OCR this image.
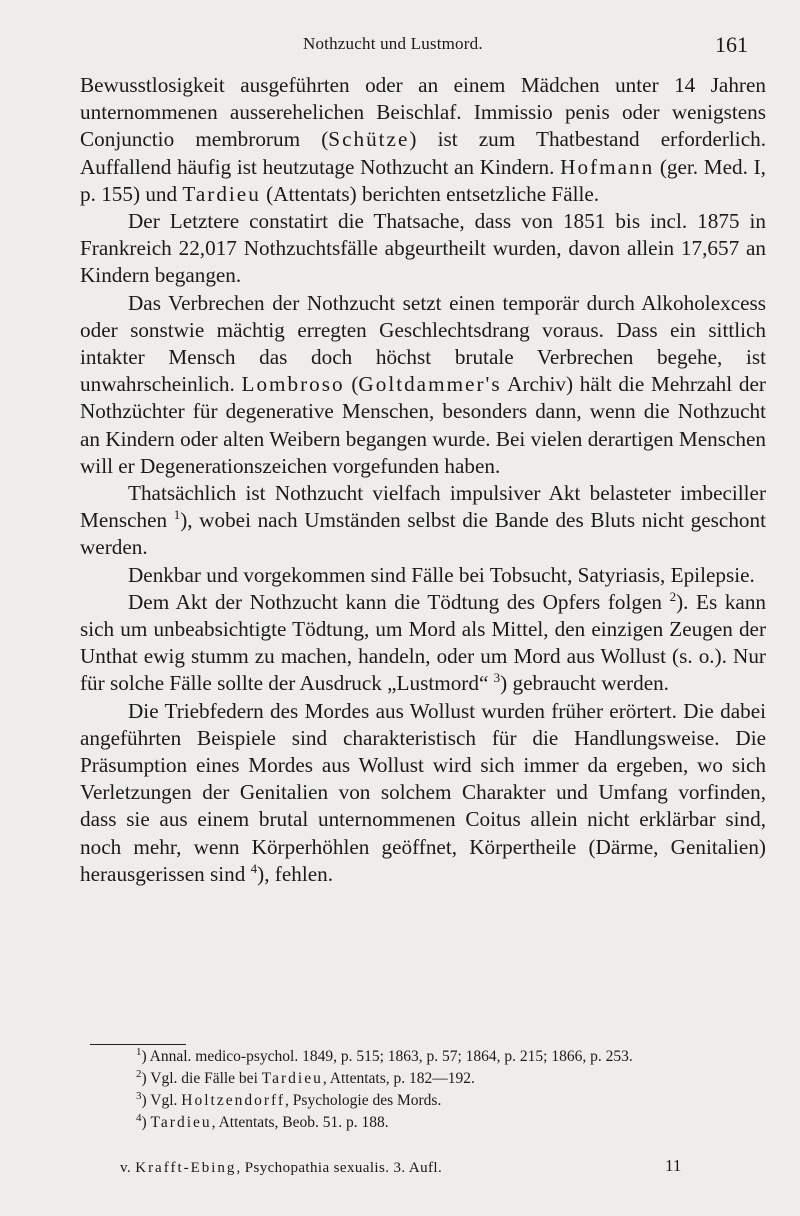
Nothzucht und Lustmord.	161

Bewusstlosigkeit ausgeführten oder an einem Mädchen unter 14 Jahren unternommenen ausserehelichen Beischlaf. Immissio penis oder wenigstens Conjunctio membrorum (Schütze) ist zum Thatbestand erforderlich. Auffallend häufig ist heutzutage Nothzucht an Kindern. Hofmann (ger. Med. I, p. 155) und Tardieu (Attentats) berichten entsetzliche Fälle.

Der Letztere constatirt die Thatsache, dass von 1851 bis incl. 1875 in Frankreich 22,017 Nothzuchtsfälle abgeurtheilt wurden, davon allein 17,657 an Kindern begangen.

Das Verbrechen der Nothzucht setzt einen temporär durch Alkoholexcess oder sonstwie mächtig erregten Geschlechtsdrang voraus. Dass ein sittlich intakter Mensch das doch höchst brutale Verbrechen begehe, ist unwahrscheinlich. Lombroso (Goltdammer's Archiv) hält die Mehrzahl der Nothzüchter für degenerative Menschen, besonders dann, wenn die Nothzucht an Kindern oder alten Weibern begangen wurde. Bei vielen derartigen Menschen will er Degenerationszeichen vorgefunden haben.

Thatsächlich ist Nothzucht vielfach impulsiver Akt belasteter imbeciller Menschen $^1$), wobei nach Umständen selbst die Bande des Bluts nicht geschont werden.

Denkbar und vorgekommen sind Fälle bei Tobsucht, Satyriasis, Epilepsie.

Dem Akt der Nothzucht kann die Tödtung des Opfers folgen $^2$). Es kann sich um unbeabsichtigte Tödtung, um Mord als Mittel, den einzigen Zeugen der Unthat ewig stumm zu machen, handeln, oder um Mord aus Wollust (s. o.). Nur für solche Fälle sollte der Ausdruck „Lustmord“ $^3$) gebraucht werden.

Die Triebfedern des Mordes aus Wollust wurden früher erörtert. Die dabei angeführten Beispiele sind charakteristisch für die Handlungsweise. Die Präsumption eines Mordes aus Wollust wird sich immer da ergeben, wo sich Verletzungen der Genitalien von solchem Charakter und Umfang vorfinden, dass sie aus einem brutal unternommenen Coitus allein nicht erklärbar sind, noch mehr, wenn Körperhöhlen geöffnet, Körpertheile (Därme, Genitalien) herausgerissen sind $^4$), fehlen.

$^1$) Annal. medico-psychol. 1849, p. 515; 1863, p. 57; 1864, p. 215; 1866, p. 253.

$^2$) Vgl. die Fälle bei Tardieu, Attentats, p. 182—192.

$^3$) Vgl. Holtzendorff, Psychologie des Mords.

$^4$) Tardieu, Attentats, Beob. 51. p. 188.

v. Krafft-Ebing, Psychopathia sexualis. 3. Aufl.	11
